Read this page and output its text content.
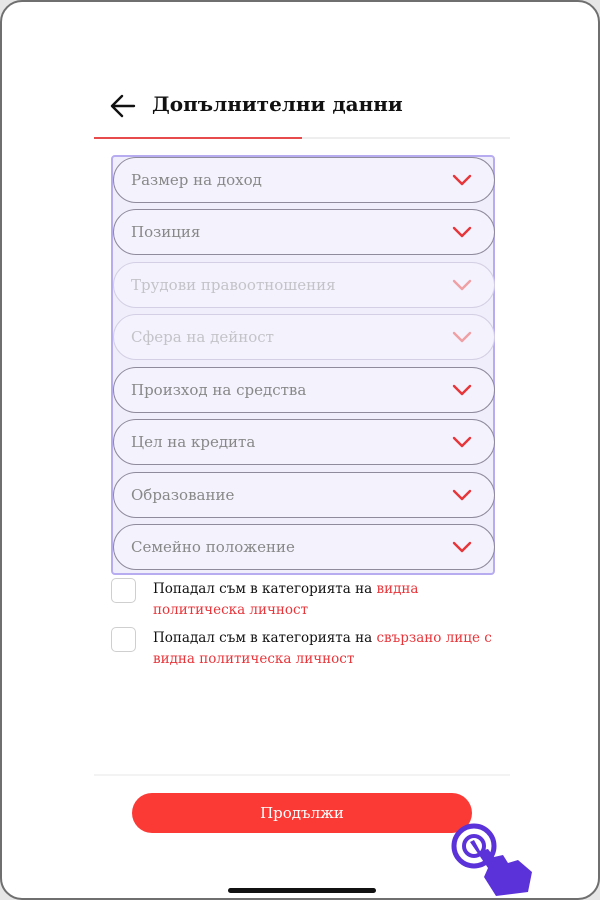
Допълнителни данни
Размер на доход
Позиция
Трудови правоотношения
Сфера на дейност
Произход на средства
Цел на кредита
Образование
Семейно положение
Попадал съм в категорията на видна политическа личност
Попадал съм в категорията на свързано лице с видна политическа личност
Продължи
